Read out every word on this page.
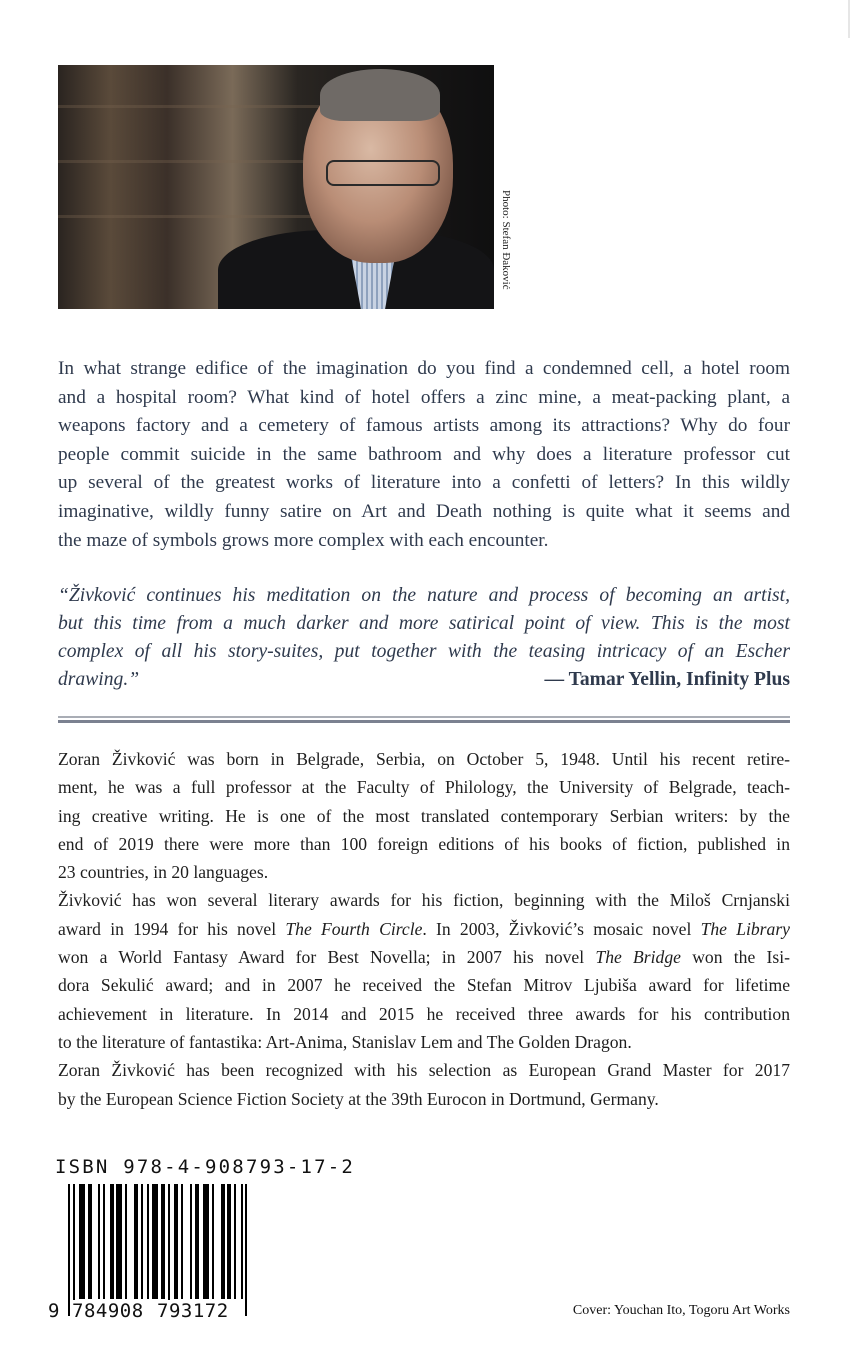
Photo: Stefan Đaković
In what strange edifice of the imagination do you find a condemned cell, a hotel room
and a hospital room? What kind of hotel offers a zinc mine, a meat-packing plant, a
weapons factory and a cemetery of famous artists among its attractions? Why do four
people commit suicide in the same bathroom and why does a literature professor cut
up several of the greatest works of literature into a confetti of letters? In this wildly
imaginative, wildly funny satire on Art and Death nothing is quite what it seems and
the maze of symbols grows more complex with each encounter.
“Živković continues his meditation on the nature and process of becoming an artist,
but this time from a much darker and more satirical point of view. This is the most
complex of all his story-suites, put together with the teasing intricacy of an Escher
drawing.”	— Tamar Yellin, Infinity Plus
Zoran Živković was born in Belgrade, Serbia, on October 5, 1948. Until his recent retire-
ment, he was a full professor at the Faculty of Philology, the University of Belgrade, teach-
ing creative writing. He is one of the most translated contemporary Serbian writers: by the
end of 2019 there were more than 100 foreign editions of his books of fiction, published in
23 countries, in 20 languages.
Živković has won several literary awards for his fiction, beginning with the Miloš Crnjanski
award in 1994 for his novel The Fourth Circle. In 2003, Živković’s mosaic novel The Library
won a World Fantasy Award for Best Novella; in 2007 his novel The Bridge won the Isi-
dora Sekulić award; and in 2007 he received the Stefan Mitrov Ljubiša award for lifetime
achievement in literature. In 2014 and 2015 he received three awards for his contribution
to the literature of fantastika: Art-Anima, Stanislav Lem and The Golden Dragon.
Zoran Živković has been recognized with his selection as European Grand Master for 2017
by the European Science Fiction Society at the 39th Eurocon in Dortmund, Germany.
ISBN 978-4-908793-17-2
9 784908 793172	Cover: Youchan Ito, Togoru Art Works
